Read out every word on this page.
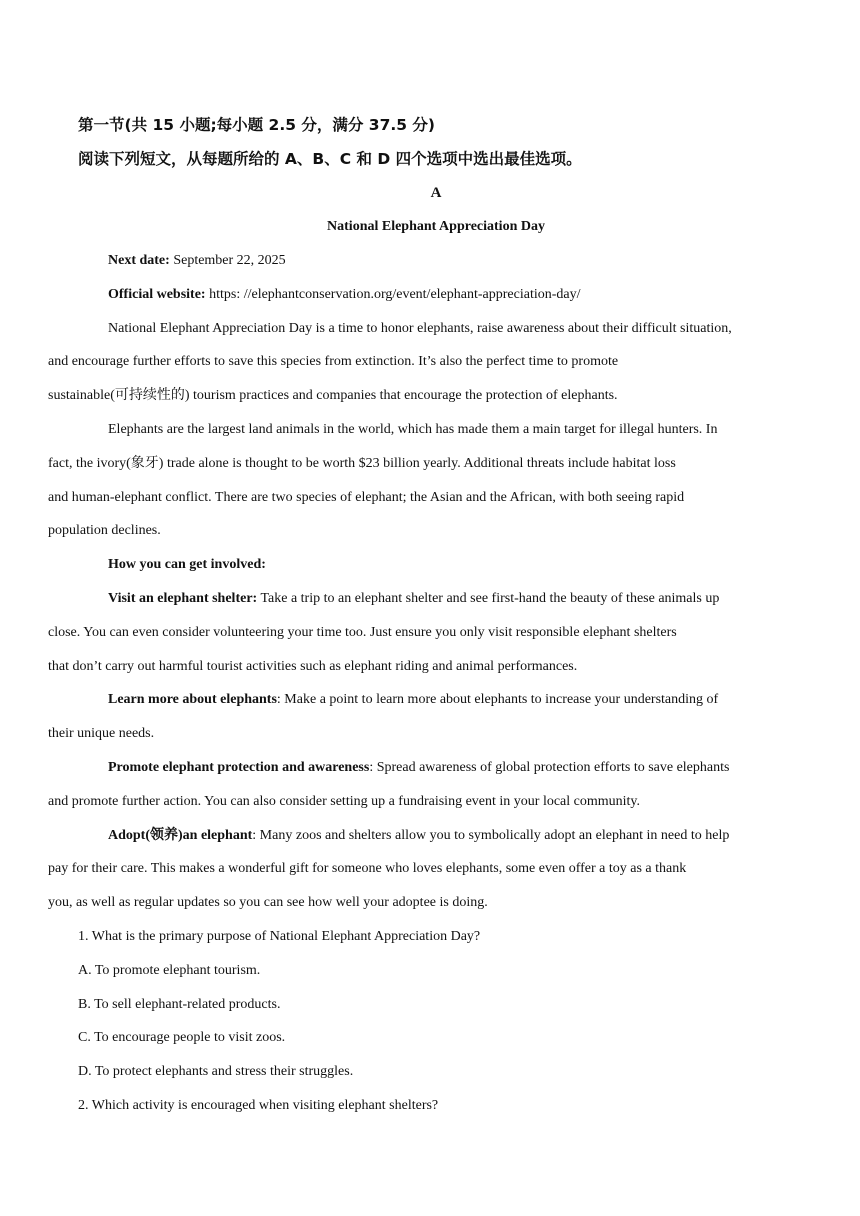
第一节(共 15 小题;每小题 2.5 分，满分 37.5 分)

阅读下列短文，从每题所给的 A、B、C 和 D 四个选项中选出最佳选项。

A

National Elephant Appreciation Day

Next date: September 22, 2025

Official website: https: //elephantconservation.org/event/elephant-appreciation-day/

National Elephant Appreciation Day is a time to honor elephants, raise awareness about their difficult situation,
and encourage further efforts to save this species from extinction. It’s also the perfect time to promote
sustainable(可持续性的) tourism practices and companies that encourage the protection of elephants.

Elephants are the largest land animals in the world, which has made them a main target for illegal hunters. In
fact, the ivory(象牙) trade alone is thought to be worth $23 billion yearly. Additional threats include habitat loss
and human-elephant conflict. There are two species of elephant; the Asian and the African, with both seeing rapid
population declines.

How you can get involved:

Visit an elephant shelter: Take a trip to an elephant shelter and see first-hand the beauty of these animals up
close. You can even consider volunteering your time too. Just ensure you only visit responsible elephant shelters
that don’t carry out harmful tourist activities such as elephant riding and animal performances.

Learn more about elephants: Make a point to learn more about elephants to increase your understanding of
their unique needs.

Promote elephant protection and awareness: Spread awareness of global protection efforts to save elephants
and promote further action. You can also consider setting up a fundraising event in your local community.

Adopt(领养)an elephant: Many zoos and shelters allow you to symbolically adopt an elephant in need to help
pay for their care. This makes a wonderful gift for someone who loves elephants, some even offer a toy as a thank
you, as well as regular updates so you can see how well your adoptee is doing.

1. What is the primary purpose of National Elephant Appreciation Day?

A. To promote elephant tourism.

B. To sell elephant-related products.

C. To encourage people to visit zoos.

D. To protect elephants and stress their struggles.

2. Which activity is encouraged when visiting elephant shelters?
